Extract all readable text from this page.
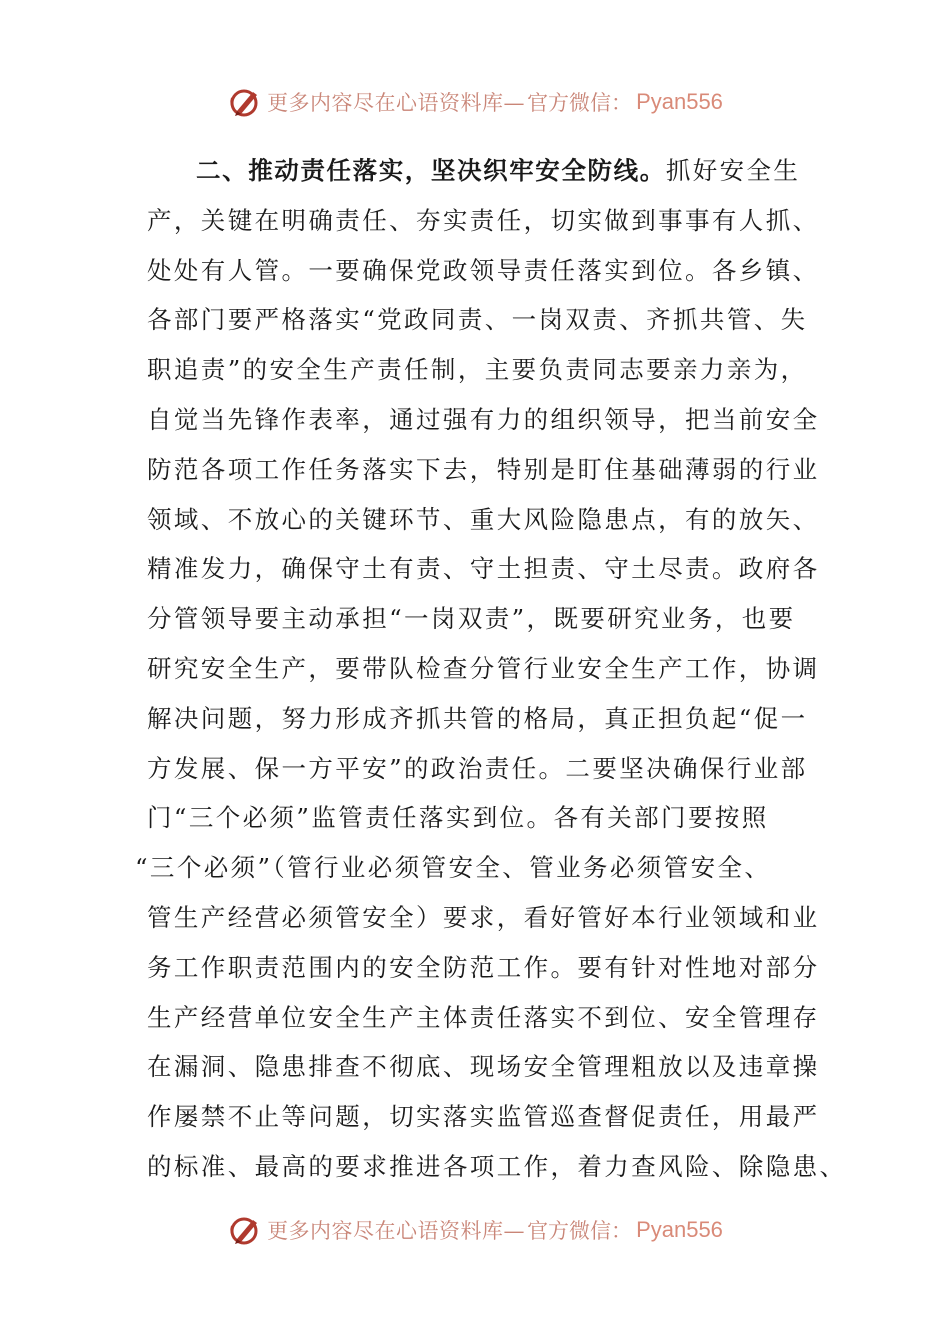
更多内容尽在心语资料库— 官方微信： Pyan556
二、推动责任落实，坚决织牢安全防线。抓好安全生
产，关键在明确责任、夯实责任，切实做到事事有人抓、
处处有人管。一要确保党政领导责任落实到位。各乡镇、
各部门要严格落实“党政同责、一岗双责、齐抓共管、失
职追责”的安全生产责任制，主要负责同志要亲力亲为，
自觉当先锋作表率，通过强有力的组织领导，把当前安全
防范各项工作任务落实下去，特别是盯住基础薄弱的行业
领域、不放心的关键环节、重大风险隐患点，有的放矢、
精准发力，确保守土有责、守土担责、守土尽责。政府各
分管领导要主动承担“一岗双责”，既要研究业务，也要
研究安全生产，要带队检查分管行业安全生产工作，协调
解决问题，努力形成齐抓共管的格局，真正担负起“促一
方发展、保一方平安”的政治责任。二要坚决确保行业部
门“三个必须”监管责任落实到位。各有关部门要按照
“三个必须”（管行业必须管安全、管业务必须管安全、
管生产经营必须管安全）要求，看好管好本行业领域和业
务工作职责范围内的安全防范工作。要有针对性地对部分
生产经营单位安全生产主体责任落实不到位、安全管理存
在漏洞、隐患排查不彻底、现场安全管理粗放以及违章操
作屡禁不止等问题，切实落实监管巡查督促责任，用最严
的标准、最高的要求推进各项工作，着力查风险、除隐患、
更多内容尽在心语资料库— 官方微信： Pyan556
